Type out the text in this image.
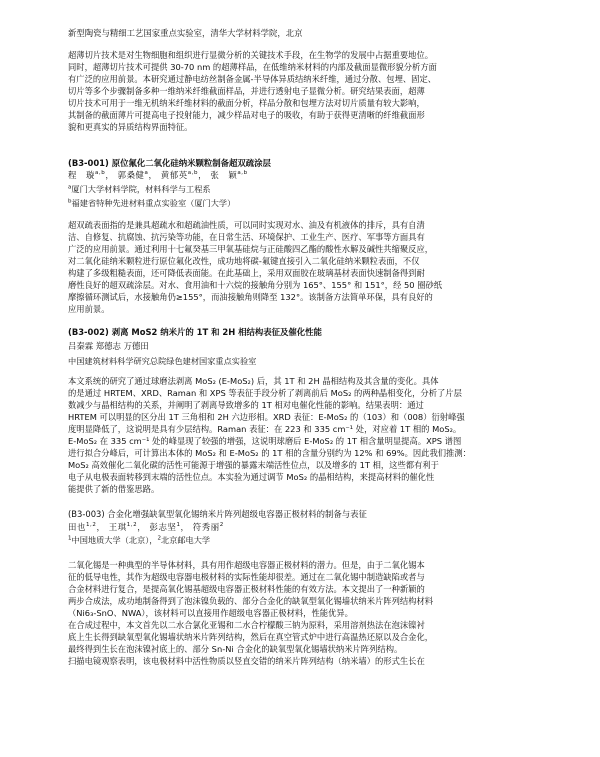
新型陶瓷与精细工艺国家重点实验室，清华大学材料学院，北京

超薄切片技术是对生物细胞和组织进行显微分析的关键技术手段，在生物学的发展中占据重要地位。
同时，超薄切片技术可提供 30-70 nm 的超薄样品，在低维纳米材料的内部及截面显微形貌分析方面
有广泛的应用前景。本研究通过静电纺丝制备金属-半导体异质结纳米纤维，通过分散、包埋、固定、
切片等多个步骤制备多种一维纳米纤维截面样品，并进行透射电子显微分析。研究结果表面，超薄
切片技术可用于一维无机纳米纤维材料的截面分析，样品分散和包埋方法对切片质量有较大影响，
其制备的截面薄片可提高电子投射能力，减少样品对电子的吸收，有助于获得更清晰的纤维截面形
貌和更真实的异质结构界面特征。

(B3-001) 原位氟化二氧化硅纳米颗粒制备超双疏涂层
程　璇$^{a,b}$， 郭桑健$^a$， 黄郁英$^{a,b}$， 张　颖$^{a,b}$
$^a$厦门大学材料学院，材料科学与工程系
$^b$福建省特种先进材料重点实验室（厦门大学）

超双疏表面指的是兼具超疏水和超疏油性质，可以同时实现对水、油及有机液体的排斥，具有自清
洁、自修复、抗腐蚀、抗污染等功能，在日常生活、环境保护、工业生产、医疗、军事等方面具有
广泛的应用前景。通过利用十七氟癸基三甲氧基硅烷与正硅酸四乙酯的酸性水解及碱性共缩聚反应，
对二氧化硅纳米颗粒进行原位氟化改性，成功地将碳-氟键直接引入二氧化硅纳米颗粒表面，不仅
构建了多级粗糙表面，还可降低表面能。在此基础上，采用双面胶在玻璃基材表面快速制备得到耐
磨性良好的超双疏涂层。对水、食用油和十六烷的接触角分别为 165°、155° 和 151°，经 50 圈砂纸
摩擦循环测试后，水接触角仍≥155°，而油接触角则降至 132°。该制备方法简单环保，具有良好的
应用前景。

(B3-002) 剥离 MoS2 纳米片的 1T 和 2H 相结构表征及催化性能
吕秦霖 郑德志 万德田
中国建筑材料科学研究总院绿色建材国家重点实验室

本文系统的研究了通过球磨法剥离 MoS₂ (E-MoS₂) 后，其 1T 和 2H 晶相结构及其含量的变化。具体
的是通过 HRTEM、XRD、Raman 和 XPS 等表征手段分析了剥离前后 MoS₂ 的两种晶相变化，分析了片层
数减少与晶相结构的关系，并阐明了剥离导致增多的 1T 相对电催化性能的影响。结果表明：通过
HRTEM 可以明显的区分出 1T 三角相和 2H 六边形相。XRD 表征：E-MoS₂ 的（103）和（008）衍射峰强
度明显降低了，这说明是具有少层结构。Raman 表征：在 223 和 335 cm⁻¹ 处，对应着 1T 相的 MoS₂。
E-MoS₂ 在 335 cm⁻¹ 处的峰显现了较强的增强，这说明球磨后 E-MoS₂ 的 1T 相含量明显提高。XPS 谱图
进行拟合分峰后，可计算出本体的 MoS₂ 和 E-MoS₂ 的 1T 相的含量分别约为 12% 和 69%。因此我们推测：
MoS₂ 高效催化二氧化碳的活性可能源于增强的暴露末端活性位点，以及增多的 1T 相，这些都有利于
电子从电极表面转移到末端的活性位点。本实验为通过调节 MoS₂ 的晶相结构，来提高材料的催化性
能提供了新的借鉴思路。

(B3-003) 合金化增强缺氧型氧化锡纳米片阵列超级电容器正极材料的制备与表征
田也$^{1,2}$， 王琪$^{1,2}$， 彭志坚$^1$， 符秀丽$^2$
$^1$中国地质大学（北京），$^2$北京邮电大学

二氧化锡是一种典型的半导体材料，具有用作超级电容器正极材料的潜力。但是，由于二氧化锡本
征的低导电性，其作为超级电容器电极材料的实际性能却很差。通过在二氧化锡中制造缺陷或者与
合金材料进行复合，是提高氧化锡基超级电容器正极材料性能的有效方法。本文提出了一种新颖的
两步合成法，成功地制备得到了泡沫镍负载的、部分合金化的缺氧型氧化锡墙状纳米片阵列结构材料
（Ni6₃-SnO、NWA），该材料可以直接用作超级电容器正极材料，性能优异。
在合成过程中，本文首先以二水合氯化亚锡和二水合柠檬酸三钠为原料，采用溶剂热法在泡沫镍衬
底上生长得到缺氧型氧化锡墙状纳米片阵列结构，然后在真空管式炉中进行高温热还原以及合金化，
最终得到生长在泡沫镍衬底上的、部分 Sn-Ni 合金化的缺氧型氧化锡墙状纳米片阵列结构。
扫描电镜观察表明，该电极材料中活性物质以竖直交错的纳米片阵列结构（纳米墙）的形式生长在
